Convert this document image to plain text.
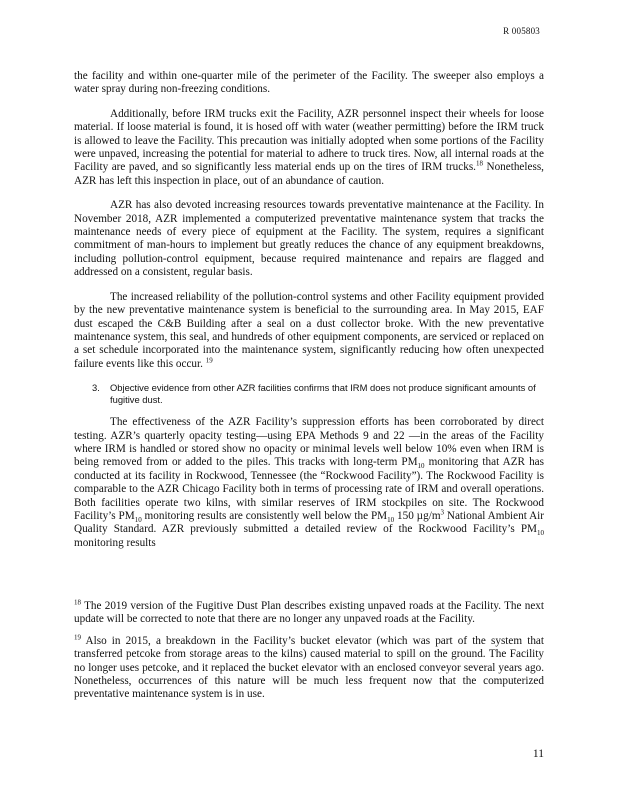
R 005803

the facility and within one-quarter mile of the perimeter of the Facility. The sweeper also employs a water spray during non-freezing conditions.

Additionally, before IRM trucks exit the Facility, AZR personnel inspect their wheels for loose material. If loose material is found, it is hosed off with water (weather permitting) before the IRM truck is allowed to leave the Facility. This precaution was initially adopted when some portions of the Facility were unpaved, increasing the potential for material to adhere to truck tires. Now, all internal roads at the Facility are paved, and so significantly less material ends up on the tires of IRM trucks.$^{18}$ Nonetheless, AZR has left this inspection in place, out of an abundance of caution.

AZR has also devoted increasing resources towards preventative maintenance at the Facility. In November 2018, AZR implemented a computerized preventative maintenance system that tracks the maintenance needs of every piece of equipment at the Facility. The system, requires a significant commitment of man-hours to implement but greatly reduces the chance of any equipment breakdowns, including pollution-control equipment, because required maintenance and repairs are flagged and addressed on a consistent, regular basis.

The increased reliability of the pollution-control systems and other Facility equipment provided by the new preventative maintenance system is beneficial to the surrounding area. In May 2015, EAF dust escaped the C&B Building after a seal on a dust collector broke. With the new preventative maintenance system, this seal, and hundreds of other equipment components, are serviced or replaced on a set schedule incorporated into the maintenance system, significantly reducing how often unexpected failure events like this occur. $^{19}$

3.	Objective evidence from other AZR facilities confirms that IRM does not produce significant amounts of fugitive dust.

The effectiveness of the AZR Facility’s suppression efforts has been corroborated by direct testing. AZR’s quarterly opacity testing—using EPA Methods 9 and 22 —in the areas of the Facility where IRM is handled or stored show no opacity or minimal levels well below 10% even when IRM is being removed from or added to the piles. This tracks with long-term $PM_{10}$ monitoring that AZR has conducted at its facility in Rockwood, Tennessee (the “Rockwood Facility”). The Rockwood Facility is comparable to the AZR Chicago Facility both in terms of processing rate of IRM and overall operations. Both facilities operate two kilns, with similar reserves of IRM stockpiles on site. The Rockwood Facility’s $PM_{10}$ monitoring results are consistently well below the $PM_{10}$ 150 $\mu g/m^3$ National Ambient Air Quality Standard. AZR previously submitted a detailed review of the Rockwood Facility’s $PM_{10}$ monitoring results

$^{18}$ The 2019 version of the Fugitive Dust Plan describes existing unpaved roads at the Facility. The next update will be corrected to note that there are no longer any unpaved roads at the Facility.

$^{19}$ Also in 2015, a breakdown in the Facility’s bucket elevator (which was part of the system that transferred petcoke from storage areas to the kilns) caused material to spill on the ground. The Facility no longer uses petcoke, and it replaced the bucket elevator with an enclosed conveyor several years ago. Nonetheless, occurrences of this nature will be much less frequent now that the computerized preventative maintenance system is in use.

11
